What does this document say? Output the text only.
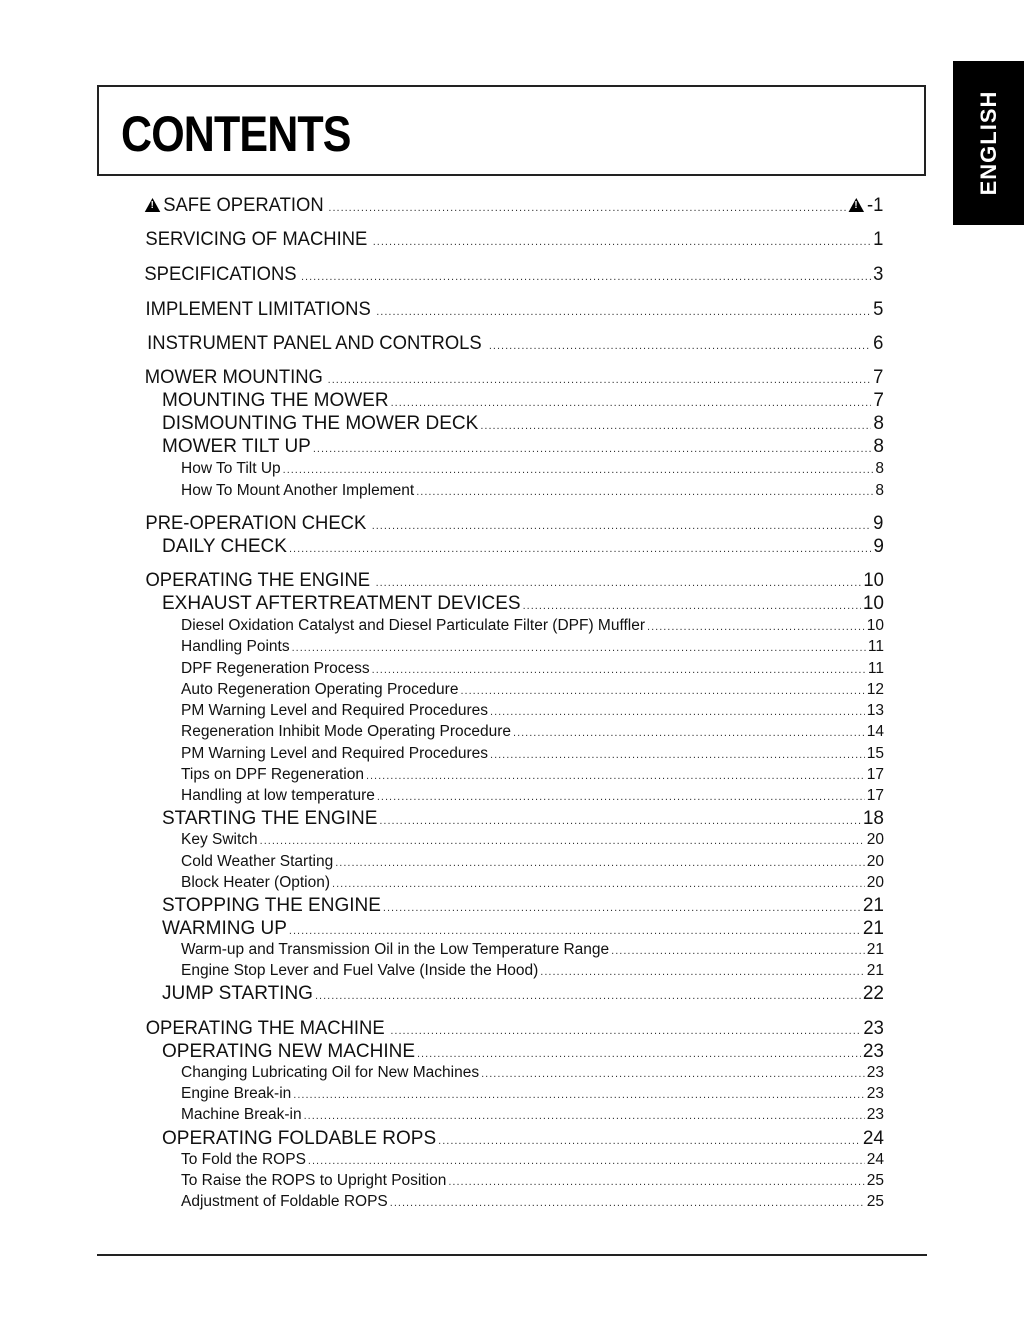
CONTENTS	ENGLISH
!SAFE OPERATION ..... !	-1
SERVICING OF MACHINE .....	1
SPECIFICATIONS .....	3
IMPLEMENT LIMITATIONS .....	5
INSTRUMENT PANEL AND CONTROLS .....	6
MOWER MOUNTING .....	7
MOUNTING THE MOWER .....	7
DISMOUNTING THE MOWER DECK .....	8
MOWER TILT UP .....	8
How To Tilt Up .....	8
How To Mount Another Implement .....	8
PRE-OPERATION CHECK .....	9
DAILY CHECK .....	9
OPERATING THE ENGINE .....	10
EXHAUST AFTERTREATMENT DEVICES .....	10
Diesel Oxidation Catalyst and Diesel Particulate Filter (DPF) Muffler .....	10
Handling Points .....	11
DPF Regeneration Process .....	11
Auto Regeneration Operating Procedure .....	12
PM Warning Level and Required Procedures .....	13
Regeneration Inhibit Mode Operating Procedure .....	14
PM Warning Level and Required Procedures .....	15
Tips on DPF Regeneration .....	17
Handling at low temperature .....	17
STARTING THE ENGINE .....	18
Key Switch .....	20
Cold Weather Starting .....	20
Block Heater (Option) .....	20
STOPPING THE ENGINE .....	21
WARMING UP .....	21
Warm-up and Transmission Oil in the Low Temperature Range .....	21
Engine Stop Lever and Fuel Valve (Inside the Hood) .....	21
JUMP STARTING .....	22
OPERATING THE MACHINE .....	23
OPERATING NEW MACHINE .....	23
Changing Lubricating Oil for New Machines .....	23
Engine Break-in .....	23
Machine Break-in .....	23
OPERATING FOLDABLE ROPS .....	24
To Fold the ROPS .....	24
To Raise the ROPS to Upright Position .....	25
Adjustment of Foldable ROPS .....	25
